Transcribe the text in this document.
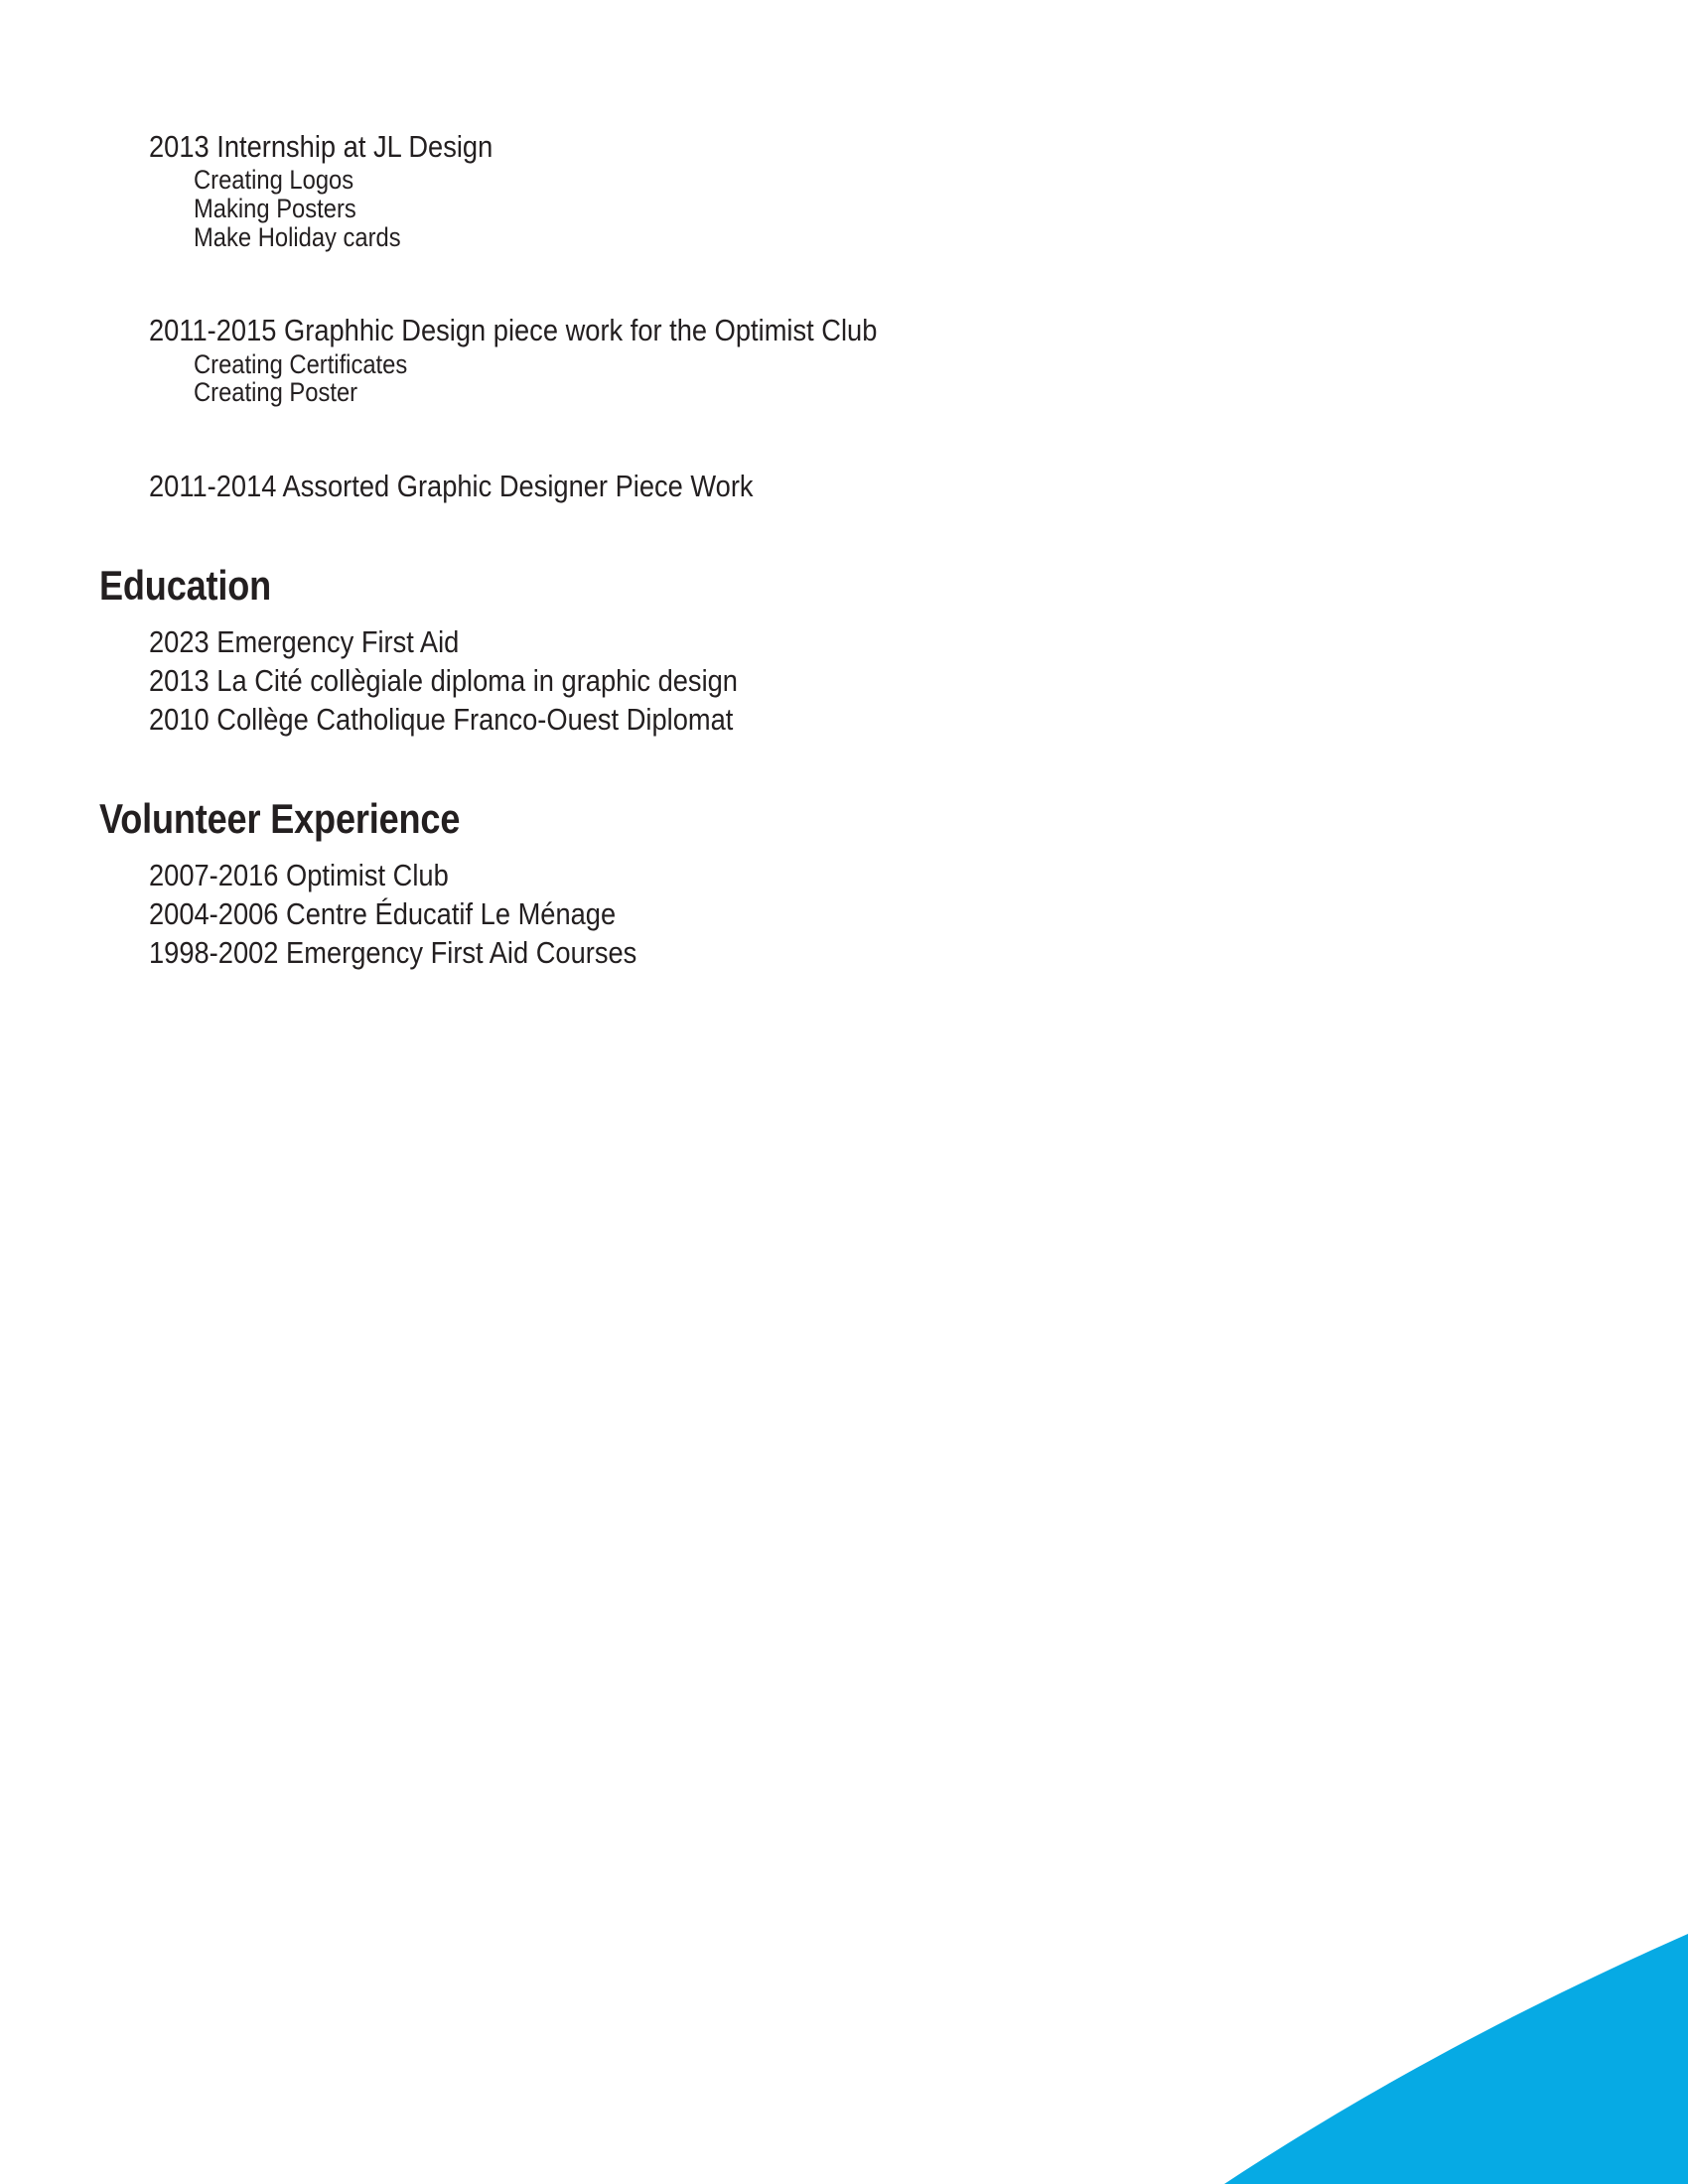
2013 Internship at JL Design
Creating Logos
Making Posters
Make Holiday cards
2011-2015 Graphhic Design piece work for the Optimist Club
Creating Certificates
Creating Poster
2011-2014 Assorted Graphic Designer Piece Work
Education
2023 Emergency First Aid
2013 La Cité collègiale diploma in graphic design
2010 Collège Catholique Franco-Ouest Diplomat
Volunteer Experience
2007-2016 Optimist Club
2004-2006 Centre Éducatif Le Ménage
1998-2002 Emergency First Aid Courses
